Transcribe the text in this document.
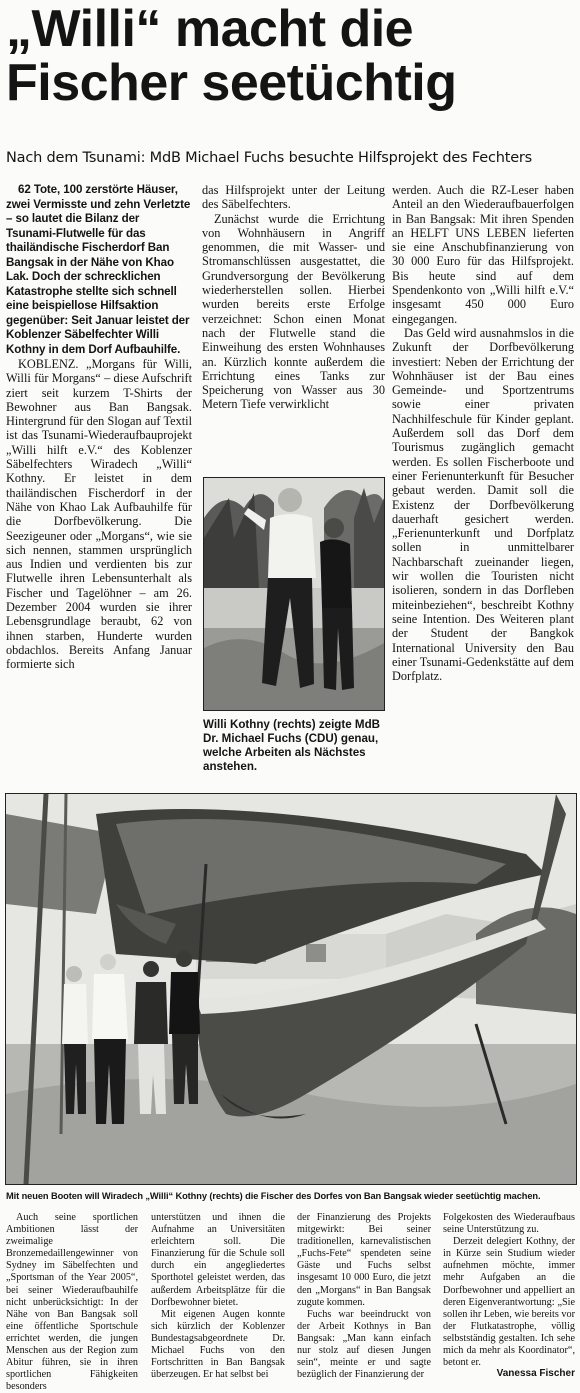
„Willi“ macht die
Fischer seetüchtig
Nach dem Tsunami: MdB Michael Fuchs besuchte Hilfsprojekt des Fechters

62 Tote, 100 zerstörte Häuser, zwei Vermisste und zehn Verletzte – so lautet die Bilanz der Tsunami-Flutwelle für das thailändische Fischerdorf Ban Bangsak in der Nähe von Khao Lak. Doch der schrecklichen Katastrophe stellte sich schnell eine beispiellose Hilfsaktion gegenüber: Seit Januar leistet der Koblenzer Säbelfechter Willi Kothny in dem Dorf Aufbauhilfe.

KOBLENZ. „Morgans für Willi, Willi für Morgans“ – diese Aufschrift ziert seit kurzem T-Shirts der Bewohner aus Ban Bangsak. Hintergrund für den Slogan auf Textil ist das Tsunami-Wiederaufbauprojekt „Willi hilft e.V.“ des Koblenzer Säbelfechters Wiradech „Willi“ Kothny. Er leistet in dem thailändischen Fischerdorf in der Nähe von Khao Lak Aufbauhilfe für die Dorfbevölkerung. Die Seezigeuner oder „Morgans“, wie sie sich nennen, stammen ursprünglich aus Indien und verdienten bis zur Flutwelle ihren Lebensunterhalt als Fischer und Tagelöhner – am 26. Dezember 2004 wurden sie ihrer Lebensgrundlage beraubt, 62 von ihnen starben, Hunderte wurden obdachlos. Bereits Anfang Januar formierte sich

das Hilfsprojekt unter der Leitung des Säbelfechters.

Zunächst wurde die Errichtung von Wohnhäusern in Angriff genommen, die mit Wasser- und Stromanschlüssen ausgestattet, die Grundversorgung der Bevölkerung wiederherstellen sollen. Hierbei wurden bereits erste Erfolge verzeichnet: Schon einen Monat nach der Flutwelle stand die Einweihung des ersten Wohnhauses an. Kürzlich konnte außerdem die Errichtung eines Tanks zur Speicherung von Wasser aus 30 Metern Tiefe verwirklicht

Willi Kothny (rechts) zeigte MdB Dr. Michael Fuchs (CDU) genau, welche Arbeiten als Nächstes anstehen.

werden. Auch die RZ-Leser haben Anteil an den Wiederaufbauerfolgen in Ban Bangsak: Mit ihren Spenden an HELFT UNS LEBEN lieferten sie eine Anschubfinanzierung von 30 000 Euro für das Hilfsprojekt. Bis heute sind auf dem Spendenkonto von „Willi hilft e.V.“ insgesamt 450 000 Euro eingegangen.

Das Geld wird ausnahmslos in die Zukunft der Dorfbevölkerung investiert: Neben der Errichtung der Wohnhäuser ist der Bau eines Gemeinde- und Sportzentrums sowie einer privaten Nachhilfeschule für Kinder geplant. Außerdem soll das Dorf dem Tourismus zugänglich gemacht werden. Es sollen Fischerboote und einer Ferienunterkunft für Besucher gebaut werden. Damit soll die Existenz der Dorfbevölkerung dauerhaft gesichert werden. „Ferienunterkunft und Dorfplatz sollen in unmittelbarer Nachbarschaft zueinander liegen, wir wollen die Touristen nicht isolieren, sondern in das Dorfleben miteinbeziehen“, beschreibt Kothny seine Intention. Des Weiteren plant der Student der Bangkok International University den Bau einer Tsunami-Gedenkstätte auf dem Dorfplatz.

Mit neuen Booten will Wiradech „Willi“ Kothny (rechts) die Fischer des Dorfes von Ban Bangsak wieder seetüchtig machen.

Auch seine sportlichen Ambitionen lässt der zweimalige Bronzemedaillengewinner von Sydney im Säbelfechten und „Sportsman of the Year 2005“, bei seiner Wiederaufbauhilfe nicht unberücksichtigt: In der Nähe von Ban Bangsak soll eine öffentliche Sportschule errichtet werden, die jungen Menschen aus der Region zum Abitur führen, sie in ihren sportlichen Fähigkeiten besonders

unterstützen und ihnen die Aufnahme an Universitäten erleichtern soll. Die Finanzierung für die Schule soll durch ein angegliedertes Sporthotel geleistet werden, das außerdem Arbeitsplätze für die Dorfbewohner bietet.

Mit eigenen Augen konnte sich kürzlich der Koblenzer Bundestagsabgeordnete Dr. Michael Fuchs von den Fortschritten in Ban Bangsak überzeugen. Er hat selbst bei

der Finanzierung des Projekts mitgewirkt: Bei seiner traditionellen, karnevalistischen „Fuchs-Fete“ spendeten seine Gäste und Fuchs selbst insgesamt 10 000 Euro, die jetzt den „Morgans“ in Ban Bangsak zugute kommen.

Fuchs war beeindruckt von der Arbeit Kothnys in Ban Bangsak: „Man kann einfach nur stolz auf diesen Jungen sein“, meinte er und sagte bezüglich der Finanzierung der

Folgekosten des Wiederaufbaus seine Unterstützung zu.

Derzeit delegiert Kothny, der in Kürze sein Studium wieder aufnehmen möchte, immer mehr Aufgaben an die Dorfbewohner und appelliert an deren Eigenverantwortung: „Sie sollen ihr Leben, wie bereits vor der Flutkatastrophe, völlig selbstständig gestalten. Ich sehe mich da mehr als Koordinator“, betont er.

Vanessa Fischer
